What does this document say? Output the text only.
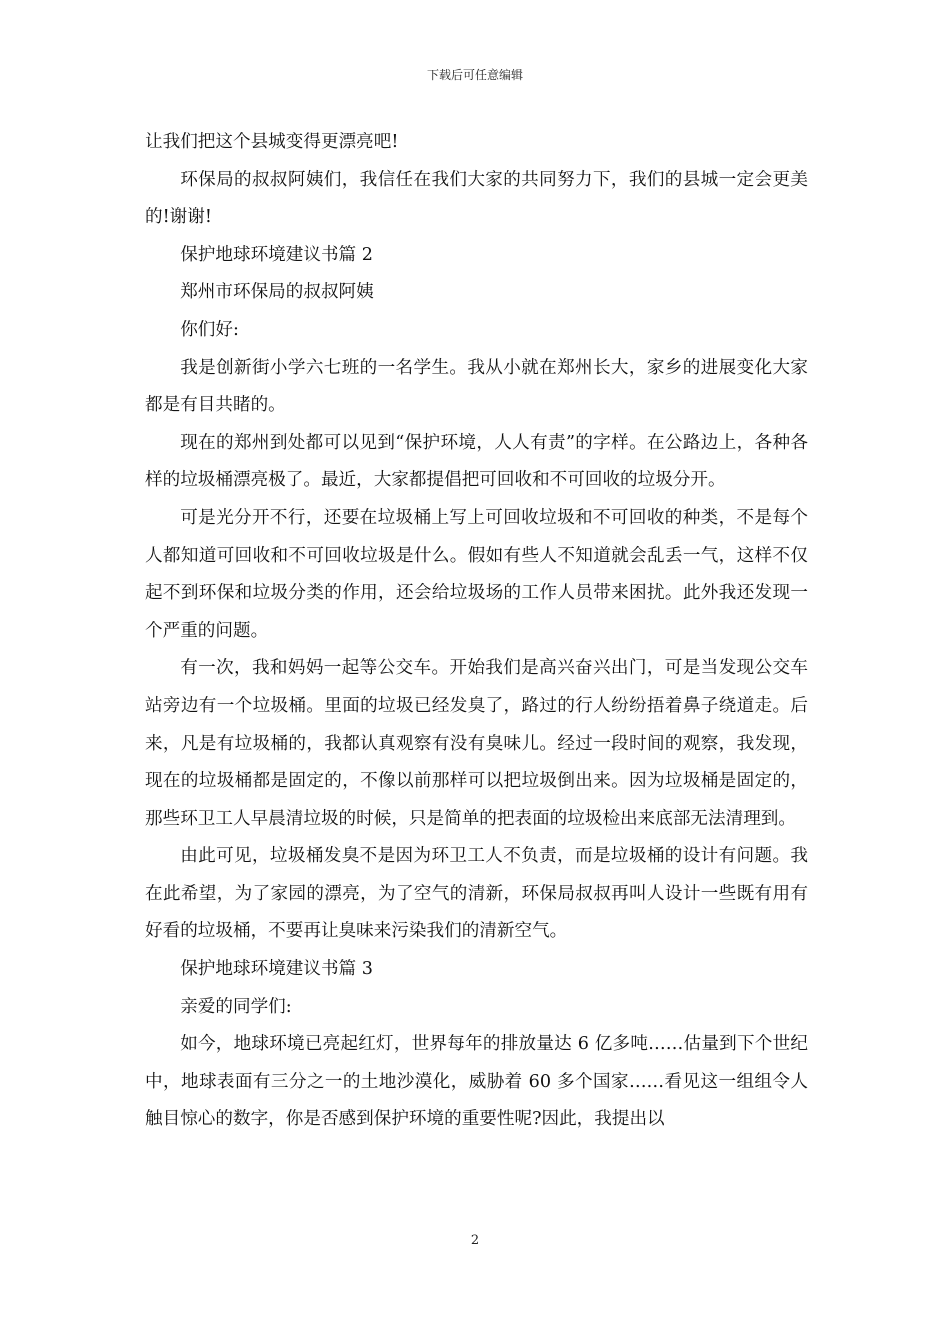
下载后可任意编辑

让我们把这个县城变得更漂亮吧!

环保局的叔叔阿姨们，我信任在我们大家的共同努力下，我们的县城一定会更美的!谢谢!

保护地球环境建议书篇 2

郑州市环保局的叔叔阿姨

你们好:

我是创新街小学六七班的一名学生。我从小就在郑州长大，家乡的进展变化大家都是有目共睹的。

现在的郑州到处都可以见到“保护环境，人人有责”的字样。在公路边上，各种各样的垃圾桶漂亮极了。最近，大家都提倡把可回收和不可回收的垃圾分开。

可是光分开不行，还要在垃圾桶上写上可回收垃圾和不可回收的种类，不是每个人都知道可回收和不可回收垃圾是什么。假如有些人不知道就会乱丢一气，这样不仅起不到环保和垃圾分类的作用，还会给垃圾场的工作人员带来困扰。此外我还发现一个严重的问题。

有一次，我和妈妈一起等公交车。开始我们是高兴奋兴出门，可是当发现公交车站旁边有一个垃圾桶。里面的垃圾已经发臭了，路过的行人纷纷捂着鼻子绕道走。后来，凡是有垃圾桶的，我都认真观察有没有臭味儿。经过一段时间的观察，我发现，现在的垃圾桶都是固定的，不像以前那样可以把垃圾倒出来。因为垃圾桶是固定的，那些环卫工人早晨清垃圾的时候，只是简单的把表面的垃圾检出来底部无法清理到。

由此可见，垃圾桶发臭不是因为环卫工人不负责，而是垃圾桶的设计有问题。我在此希望，为了家园的漂亮，为了空气的清新，环保局叔叔再叫人设计一些既有用有好看的垃圾桶，不要再让臭味来污染我们的清新空气。

保护地球环境建议书篇 3

亲爱的同学们:

如今，地球环境已亮起红灯，世界每年的排放量达 6 亿多吨……估量到下个世纪中，地球表面有三分之一的土地沙漠化，威胁着 60 多个国家……看见这一组组令人触目惊心的数字，你是否感到保护环境的重要性呢?因此，我提出以

2
